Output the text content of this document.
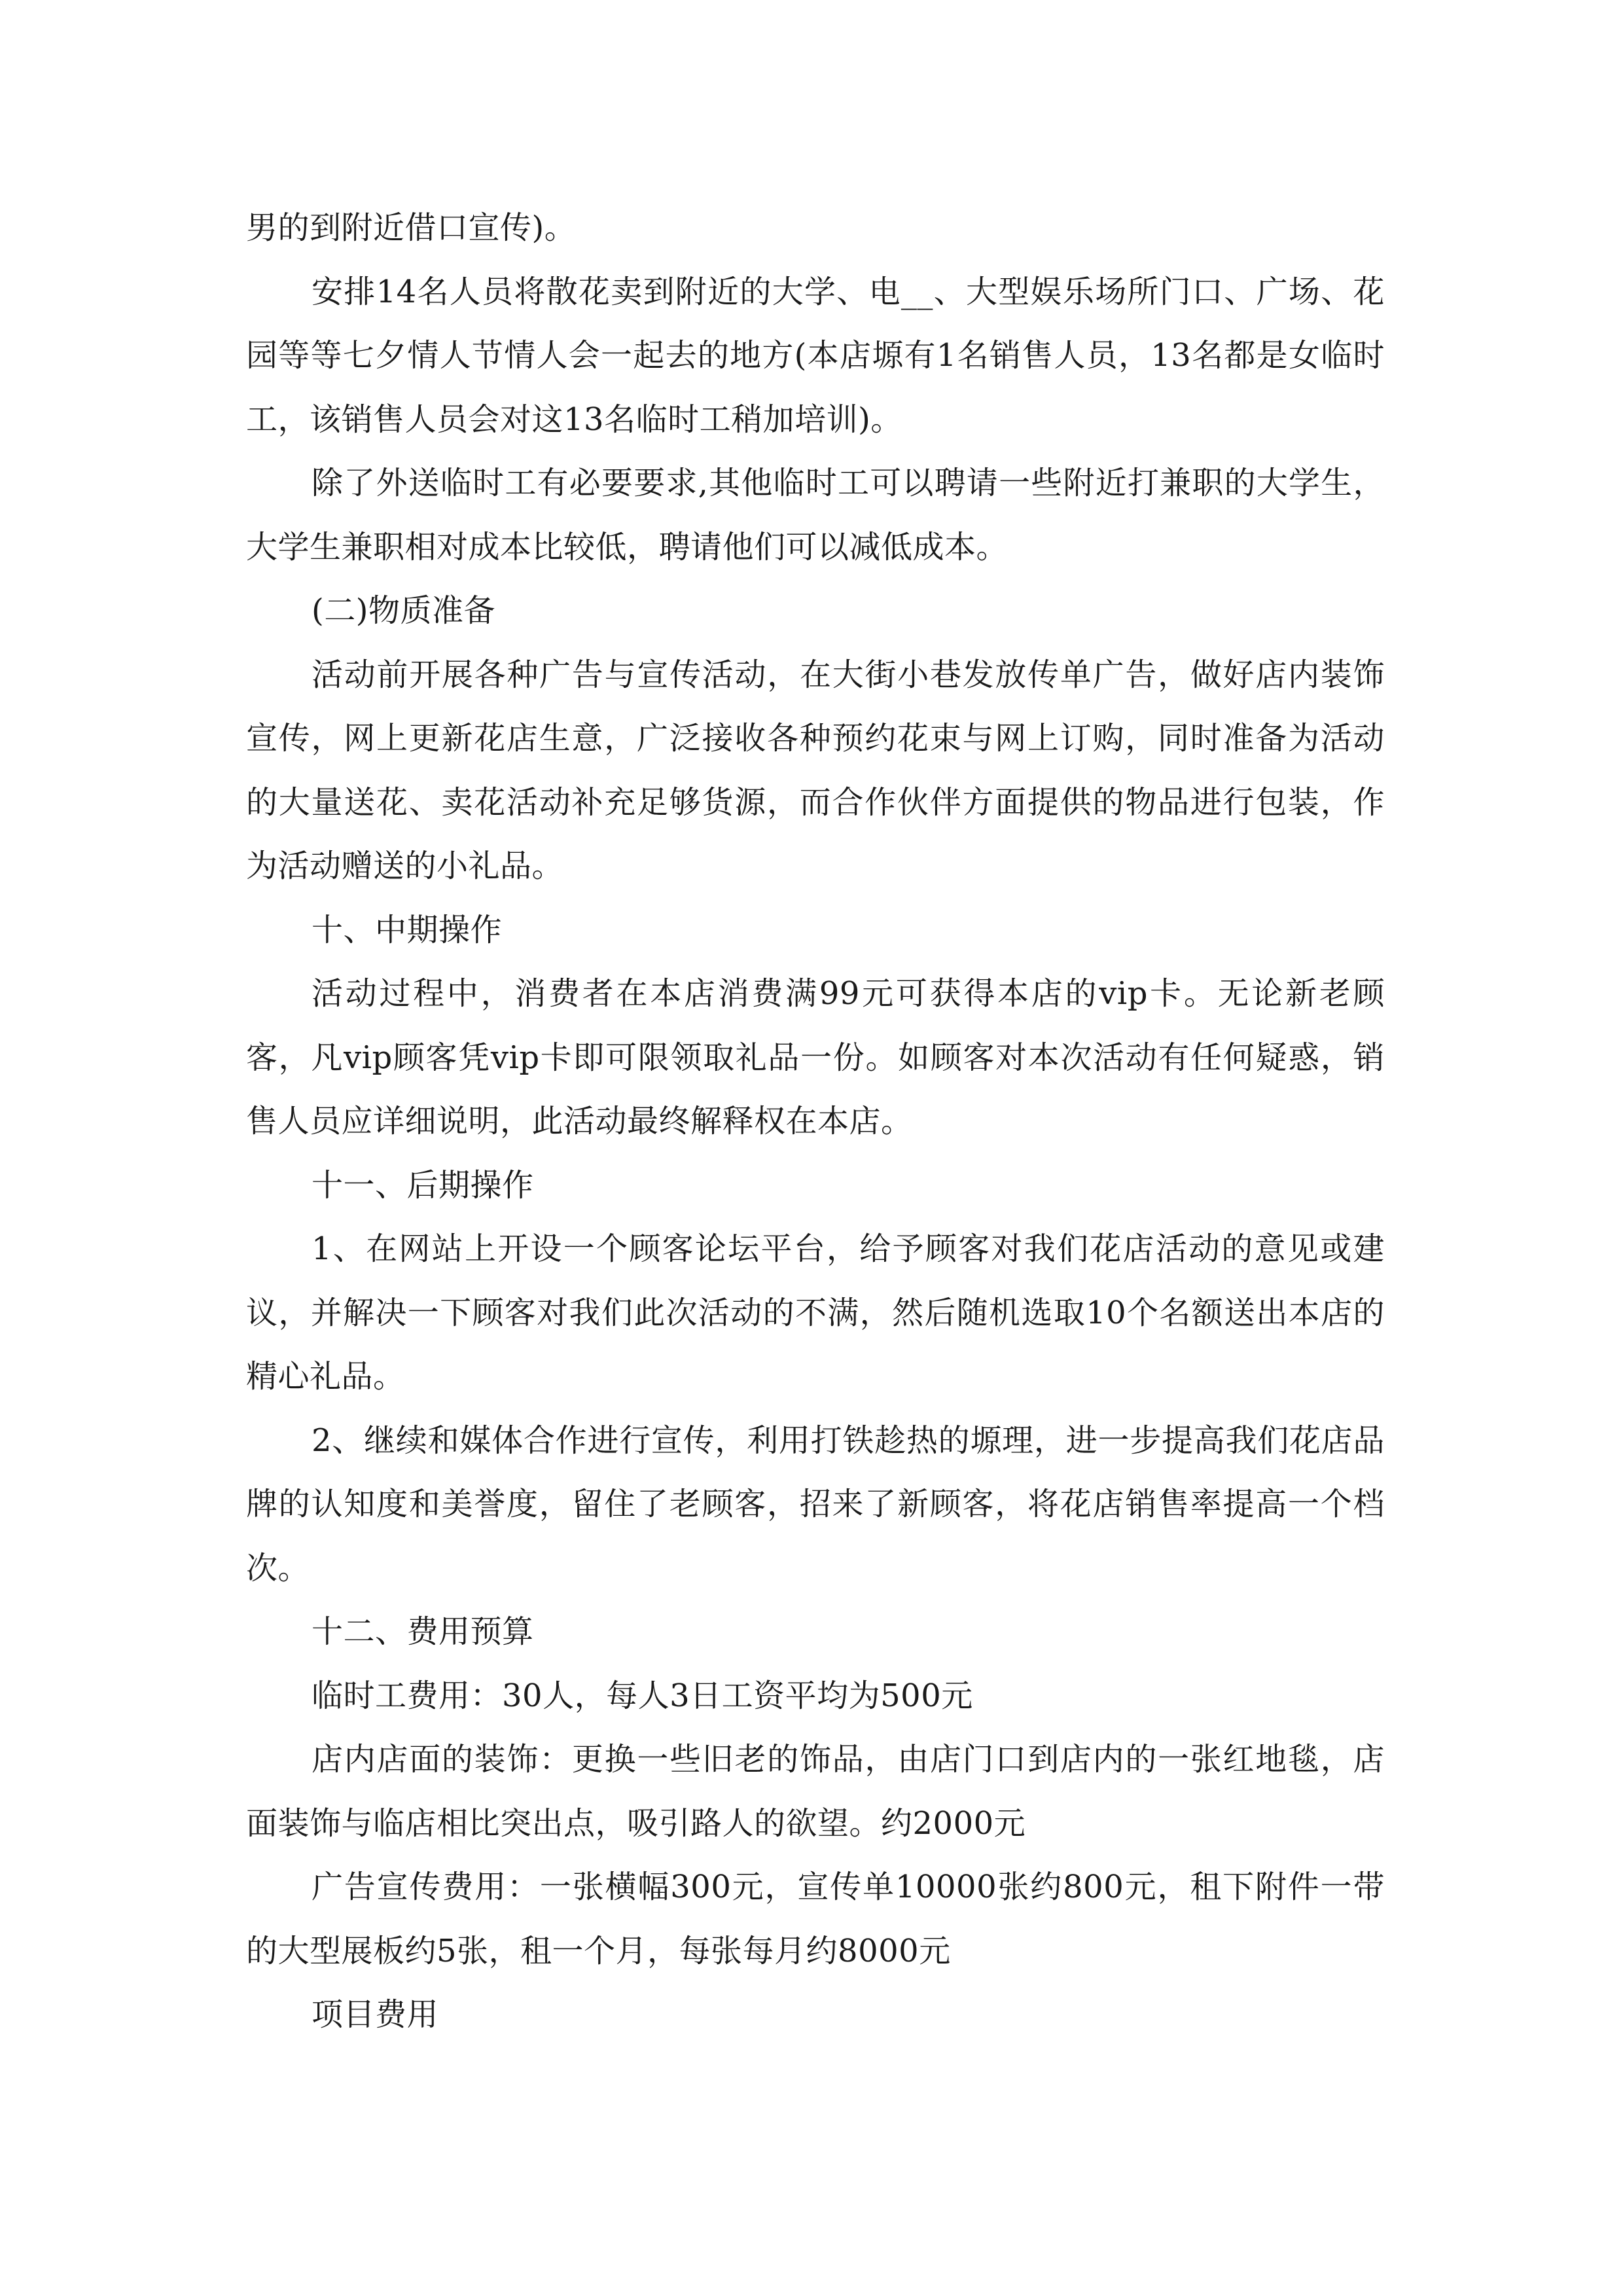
男的到附近借口宣传)。

安排14名人员将散花卖到附近的大学、电__、大型娱乐场所门口、广场、花园等等七夕情人节情人会一起去的地方(本店塬有1名销售人员，13名都是女临时工，该销售人员会对这13名临时工稍加培训)。

除了外送临时工有必要要求,其他临时工可以聘请一些附近打兼职的大学生，大学生兼职相对成本比较低，聘请他们可以减低成本。

(二)物质准备

活动前开展各种广告与宣传活动，在大街小巷发放传单广告，做好店内装饰宣传，网上更新花店生意，广泛接收各种预约花束与网上订购，同时准备为活动的大量送花、卖花活动补充足够货源，而合作伙伴方面提供的物品进行包装，作为活动赠送的小礼品。

十、中期操作

活动过程中，消费者在本店消费满99元可获得本店的vip卡。无论新老顾客，凡vip顾客凭vip卡即可限领取礼品一份。如顾客对本次活动有任何疑惑，销售人员应详细说明，此活动最终解释权在本店。

十一、后期操作

1、在网站上开设一个顾客论坛平台，给予顾客对我们花店活动的意见或建议，并解决一下顾客对我们此次活动的不满，然后随机选取10个名额送出本店的精心礼品。

2、继续和媒体合作进行宣传，利用打铁趁热的塬理，进一步提高我们花店品牌的认知度和美誉度，留住了老顾客，招来了新顾客，将花店销售率提高一个档次。

十二、费用预算

临时工费用：30人，每人3日工资平均为500元

店内店面的装饰：更换一些旧老的饰品，由店门口到店内的一张红地毯，店面装饰与临店相比突出点，吸引路人的欲望。约2000元

广告宣传费用：一张横幅300元，宣传单10000张约800元，租下附件一带的大型展板约5张，租一个月，每张每月约8000元

项目费用
